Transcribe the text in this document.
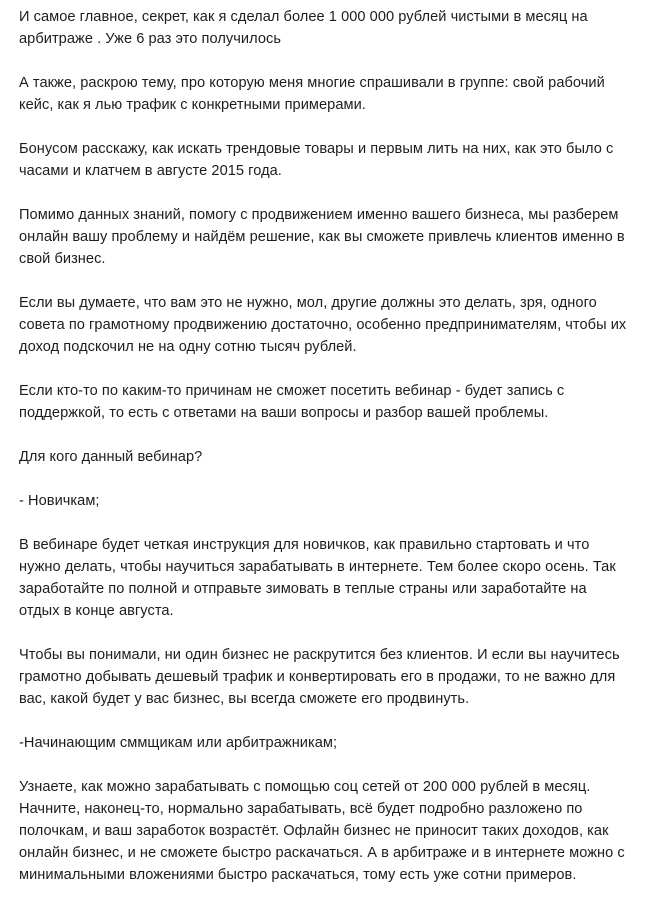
И самое главное, секрет, как я сделал более 1 000 000 рублей чистыми в месяц на арбитраже . Уже 6 раз это получилось

А также, раскрою тему, про которую меня многие спрашивали в группе: свой рабочий кейс, как я лью трафик с конкретными примерами.

Бонусом расскажу, как искать трендовые товары и первым лить на них, как это было с часами и клатчем в августе 2015 года.

Помимо данных знаний, помогу с продвижением именно вашего бизнеса, мы разберем онлайн вашу проблему и найдём решение, как вы сможете привлечь клиентов именно в свой бизнес.

Если вы думаете, что вам это не нужно, мол, другие должны это делать, зря, одного совета по грамотному продвижению достаточно, особенно предпринимателям, чтобы их доход подскочил не на одну сотню тысяч рублей.

Если кто-то по каким-то причинам не сможет посетить вебинар - будет запись с поддержкой, то есть с ответами на ваши вопросы и разбор вашей проблемы.

Для кого данный вебинар?

- Новичкам;

В вебинаре будет четкая инструкция для новичков, как правильно стартовать и что нужно делать, чтобы научиться зарабатывать в интернете. Тем более скоро осень. Так заработайте по полной и отправьте зимовать в теплые страны или заработайте на отдых в конце августа.

Чтобы вы понимали, ни один бизнес не раскрутится без клиентов. И если вы научитесь грамотно добывать дешевый трафик и конвертировать его в продажи, то не важно для вас, какой будет у вас бизнес, вы всегда сможете его продвинуть.

-Начинающим сммщикам или арбитражникам;

Узнаете, как можно зарабатывать с помощью соц сетей от 200 000 рублей в месяц. Начните, наконец-то, нормально зарабатывать, всё будет подробно разложено по полочкам, и ваш заработок возрастёт. Офлайн бизнес не приносит таких доходов, как онлайн бизнес, и не сможете быстро раскачаться. А в арбитраже и в интернете можно с минимальными вложениями быстро раскачаться, тому есть уже сотни примеров.
